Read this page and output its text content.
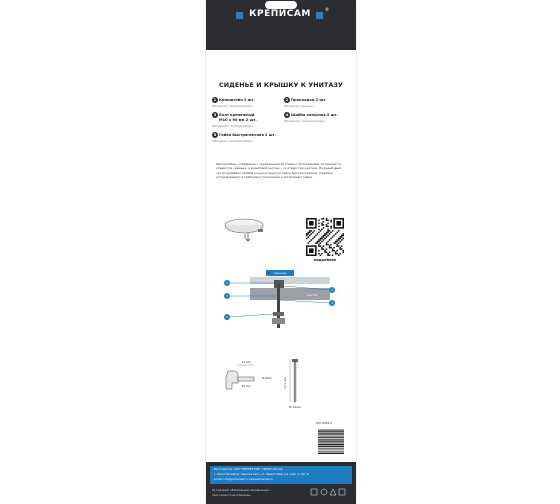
КРЕПИСАМ	®
СИДЕНЬЕ И КРЫШКУ К УНИТАЗУ
1 Кронштейн 2 шт.
Материал: полипропилен
2 Прокладка 2 шт.
Материал: резина
3 Болт крепежный
М10 х 90 мм 2 шт.
Материал: полипропилен
4 Шайба конусная 2 шт.
Материал: полипропилен
5 Гайка быстрогаечная 2 шт.
Материал: полипропилен
Кронштейны, собранные с крепежными болтами и прокладками, вставляют в отверстия сиденья, а резьбовой частью — в отверстия унитаза. На резьбовые части надевают шайбы (конусом вниз) и гайки быстросъемные. Сиденье устанавливают в требуемое положение и затягивают гайки.
подробнее
сиденье
унитаз
1
3
5
2
4
13 мм
10 мм
Ø 8мм	113 мм
Ø 10мм
КМ 0069 К
Изготовитель: ООО "ПАРТНЕР ПАК", 198320, Россия,
г. Санкт-Петербург, Красное Село, ул. Первого Мая, д.2, корп. 4, лит. Б
e-mail: info@partnerpak.ru www.partnerpak.ru
Не подлежит обязательной сертификации.
Срок годности не ограничен.
